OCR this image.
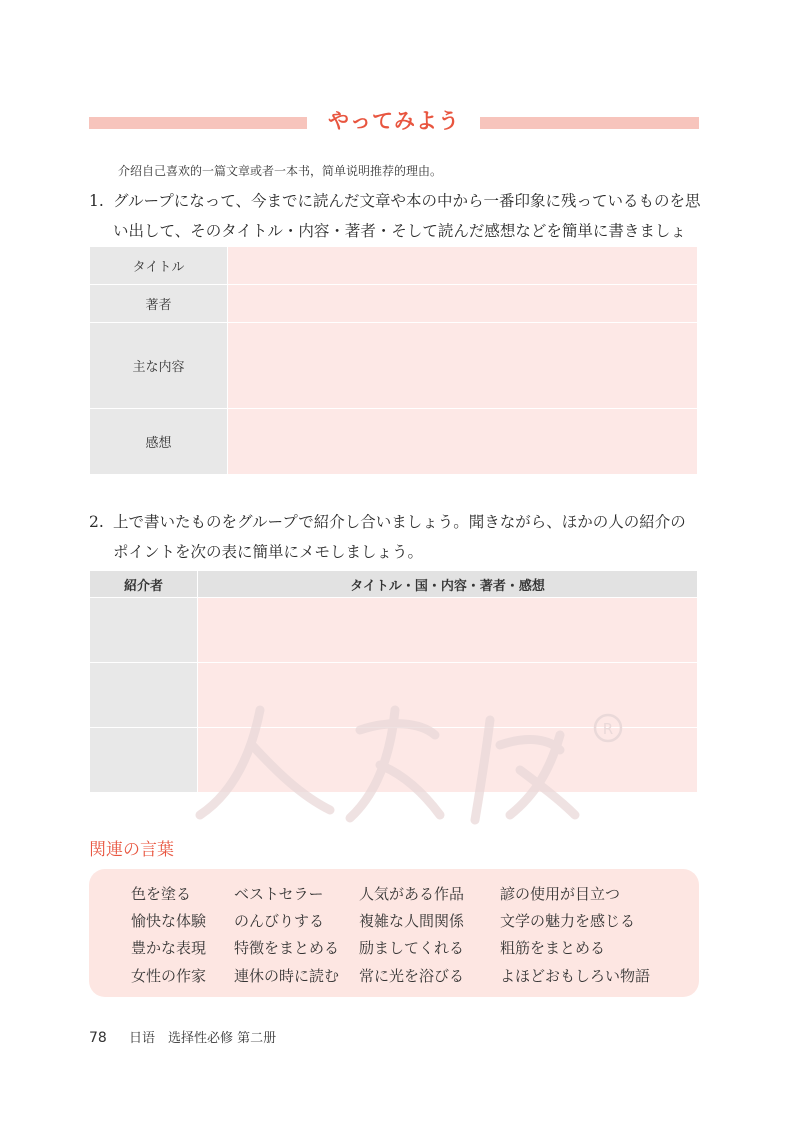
やってみよう
介绍自己喜欢的一篇文章或者一本书，简单说明推荐的理由。
1. グループになって、今までに読んだ文章や本の中から一番印象に残っているものを思い出して、そのタイトル・内容・著者・そして読んだ感想などを簡単に書きましょ
タイトル	
著者	
主な内容	
感想	
2. 上で書いたものをグループで紹介し合いましょう。聞きながら、ほかの人の紹介のポイントを次の表に簡単にメモしましょう。
紹介者	タイトル・国・内容・著者・感想

R
関連の言葉
色を塗る	ベストセラー 人気がある作品 諺の使用が目立つ
愉快な体験 のんびりする 複雑な人間関係 文学の魅力を感じる
豊かな表現 特徴をまとめる 励ましてくれる 粗筋をまとめる
女性の作家 連休の時に読む 常に光を浴びる よほどおもしろい物語
78 日语　选择性必修 第二册
